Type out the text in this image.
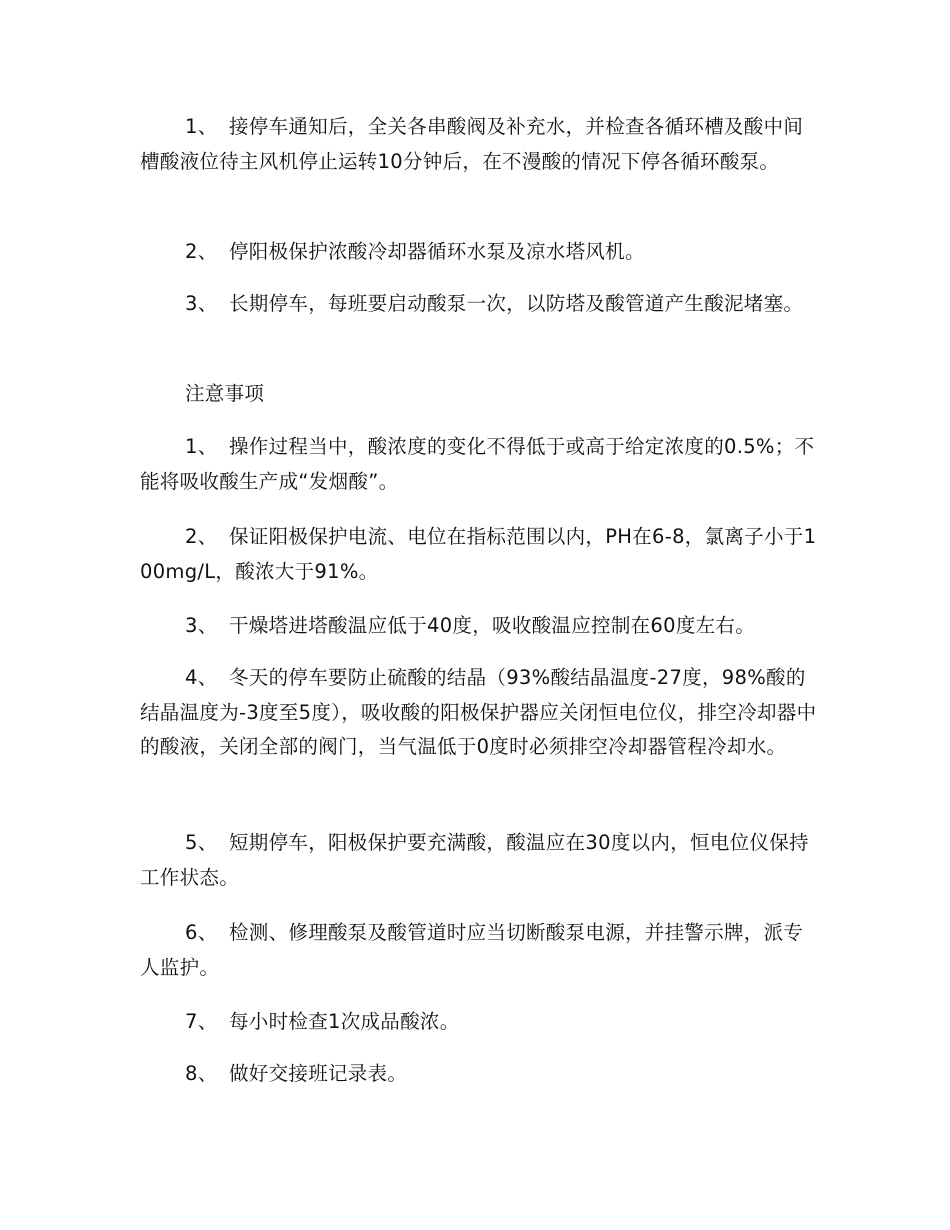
1、 接停车通知后，全关各串酸阀及补充水，并检查各循环槽及酸中间槽酸液位待主风机停止运转10分钟后，在不漫酸的情况下停各循环酸泵。

2、 停阳极保护浓酸冷却器循环水泵及凉水塔风机。

3、 长期停车，每班要启动酸泵一次，以防塔及酸管道产生酸泥堵塞。

注意事项

1、 操作过程当中，酸浓度的变化不得低于或高于给定浓度的0.5%；不能将吸收酸生产成“发烟酸”。

2、 保证阳极保护电流、电位在指标范围以内，PH在6-8，氯离子小于100mg/L，酸浓大于91%。

3、 干燥塔进塔酸温应低于40度，吸收酸温应控制在60度左右。

4、 冬天的停车要防止硫酸的结晶（93%酸结晶温度-27度，98%酸的结晶温度为-3度至5度），吸收酸的阳极保护器应关闭恒电位仪，排空冷却器中的酸液，关闭全部的阀门，当气温低于0度时必须排空冷却器管程冷却水。

5、 短期停车，阳极保护要充满酸，酸温应在30度以内，恒电位仪保持工作状态。

6、 检测、修理酸泵及酸管道时应当切断酸泵电源，并挂警示牌，派专人监护。

7、 每小时检查1次成品酸浓。

8、 做好交接班记录表。
